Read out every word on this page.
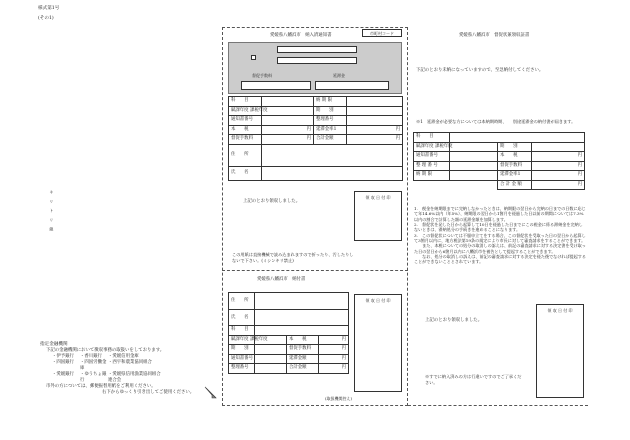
様式第1号
(その1)
キ リ ト リ 線
指定金融機関
下記の金融機関において徴収事務の取扱いをしております。
・伊予銀行	・香川銀行	・愛媛信用金庫
・四国銀行	・四国労働金庫
・西宇和農業協同組合
・愛媛銀行	・ゆうちょ銀行
・愛媛県信用漁業協同組合連合会
市外の方については、郵便振替用紙をご利用ください。
右下からゆっくり引き出してご使用ください。
愛媛県八幡浜市　納入済通知書	市町村コード
督促手数料	延滞金
科　　目		納 期 限	
賦課年度 課税年度		期　　別	
通知書番号		整理番号	
本　　税	円	延滞金率1	円
督促手数料	円	合計金額	円
住　　所			
氏　　名			
上記のとおり領収しました。
領 収 日 付 印
この用紙は直接機械で読み込まれますので折ったり、汚したりしないで下さい。(ミシンキリ禁止)
愛媛県八幡浜市　納付書
住　　所			
氏　　名			
科　　目			
賦課年度 課税年度		本　　税	円
期　　別		督促手数料	円
通知書番号		延滞金額	円
整理番号		合計金額	円
領 収 日 付 印
(取扱機関控え)
愛媛県八幡浜市　督促状兼領収証書
下記のとおり未納になっていますので、至急納付してください。
※1　延滞金が必要な方については本納期時期、　　別途延滞金の納付書が届きます。
科　　目			
賦課年度 課税年度		期　　別	
通知書番号		本　　税	円
整 理 番 号		督促手数料	円
納 期 限		延滞金率1	円
		合 計 金 額	円
1.　税金を納期限までに完納しなかったときは、納期限の翌日から完納の日までの日数に応じて年14.6%以内（年5%）、納期限の翌日から1箇月を経過した日以前の期間については7.3%以内の割合で計算した額の延滞金額を加算します。
2.　督促状を発した日から起算して10日を経過した日までにこの税金に係る滞納金を完納しないときは、滞納処分の手続きを進めることになります。
3.　この督促状については不服申立てをする場合、この督促状を受取った日の翌日から起算して3箇月以内に、地方税法第19条の規定により市長に対して審査請求をすることができます。
　　また、本税についての処分の取消しの訴えは、前記の審査請求に対する決定書を受け取った日の翌日から6箇月以内に八幡浜市を被告として提起することができます。
　　なお、処分の取消しの訴えは、前記の審査請求に対する決定を経た後でなければ提起することができないこととされています。
上記のとおり領収しました。
領 収 日 付 印
※すでに納入済みの方は行違いですのでご了承ください。
